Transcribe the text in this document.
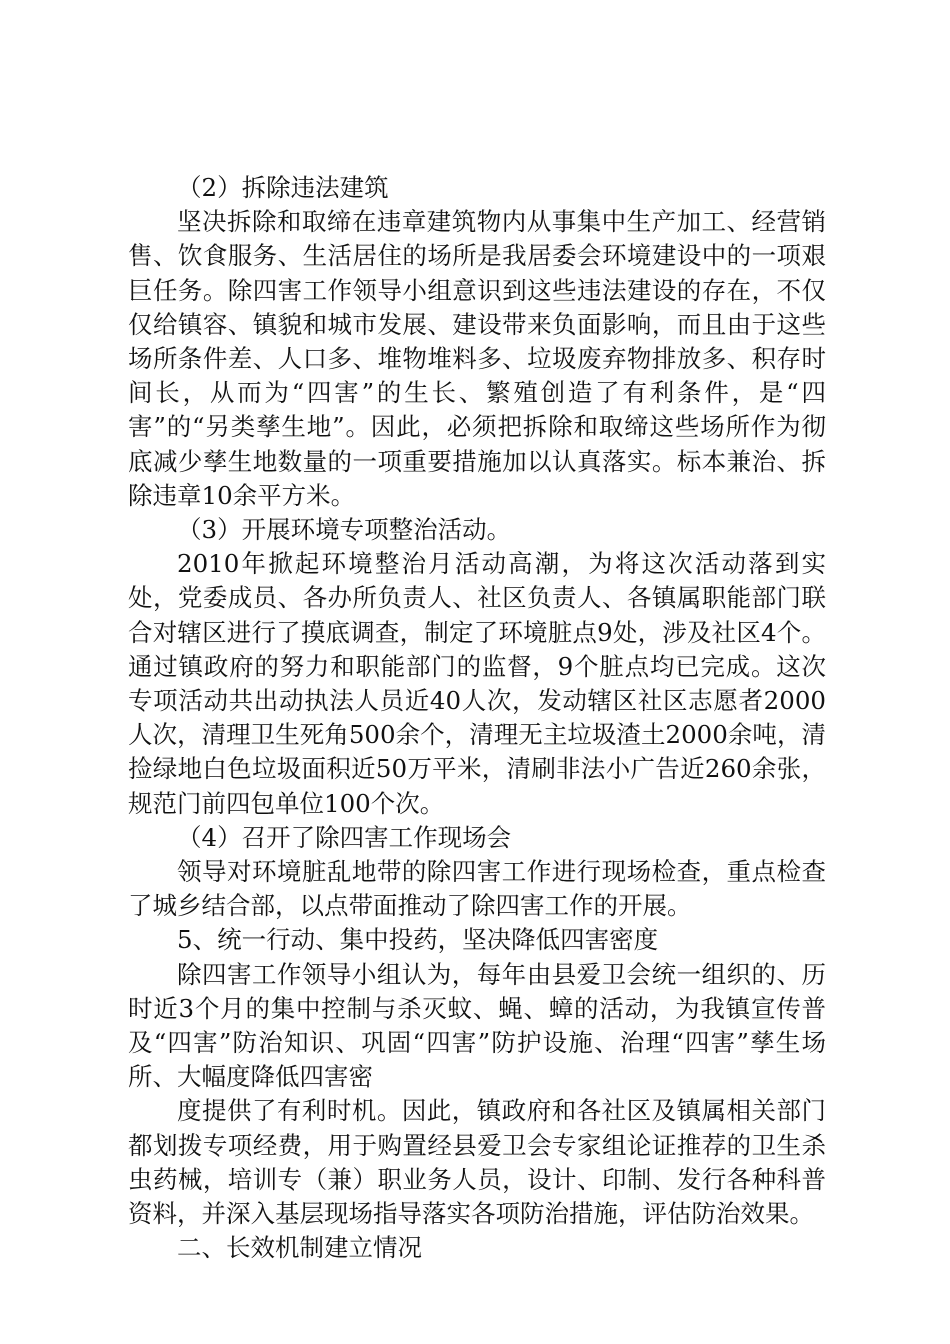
（2）拆除违法建筑

坚决拆除和取缔在违章建筑物内从事集中生产加工、经营销售、饮食服务、生活居住的场所是我居委会环境建设中的一项艰巨任务。除四害工作领导小组意识到这些违法建设的存在，不仅仅给镇容、镇貌和城市发展、建设带来负面影响，而且由于这些场所条件差、人口多、堆物堆料多、垃圾废弃物排放多、积存时间长，从而为“四害”的生长、繁殖创造了有利条件，是“四害”的“另类孳生地”。因此，必须把拆除和取缔这些场所作为彻底减少孳生地数量的一项重要措施加以认真落实。标本兼治、拆除违章10余平方米。

（3）开展环境专项整治活动。

2010年掀起环境整治月活动高潮，为将这次活动落到实处，党委成员、各办所负责人、社区负责人、各镇属职能部门联合对辖区进行了摸底调查，制定了环境脏点9处，涉及社区4个。通过镇政府的努力和职能部门的监督，9个脏点均已完成。这次专项活动共出动执法人员近40人次，发动辖区社区志愿者2000人次，清理卫生死角500余个，清理无主垃圾渣土2000余吨，清捡绿地白色垃圾面积近50万平米，清刷非法小广告近260余张，规范门前四包单位100个次。

（4）召开了除四害工作现场会

领导对环境脏乱地带的除四害工作进行现场检查，重点检查了城乡结合部，以点带面推动了除四害工作的开展。

5、统一行动、集中投药，坚决降低四害密度

除四害工作领导小组认为，每年由县爱卫会统一组织的、历时近3个月的集中控制与杀灭蚊、蝇、蟑的活动，为我镇宣传普及“四害”防治知识、巩固“四害”防护设施、治理“四害”孳生场所、大幅度降低四害密

度提供了有利时机。因此，镇政府和各社区及镇属相关部门都划拨专项经费，用于购置经县爱卫会专家组论证推荐的卫生杀虫药械，培训专（兼）职业务人员，设计、印制、发行各种科普资料，并深入基层现场指导落实各项防治措施，评估防治效果。

二、长效机制建立情况
